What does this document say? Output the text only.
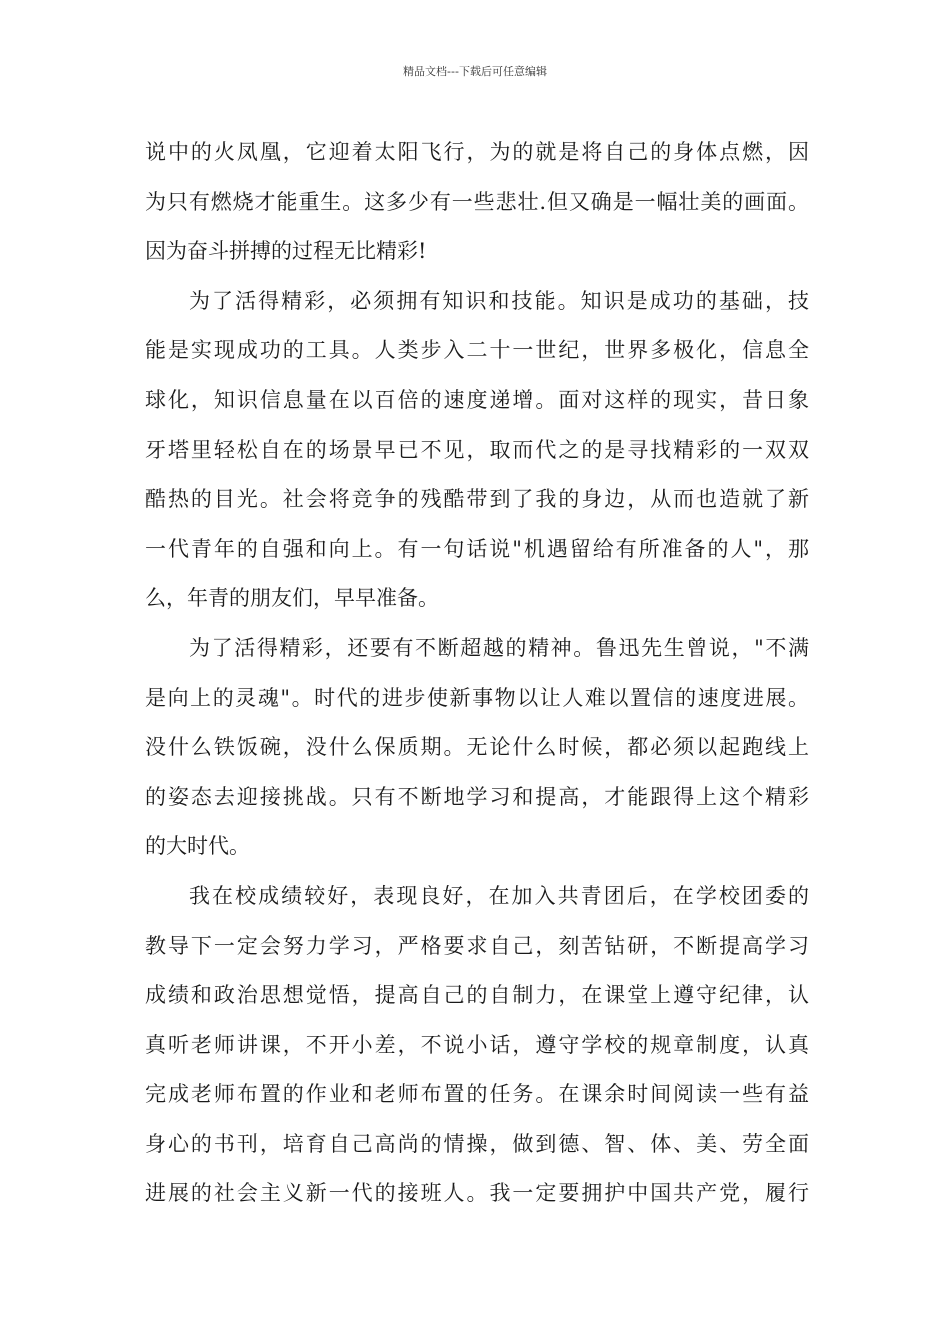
精品文档---下载后可任意编辑
说中的火凤凰，它迎着太阳飞行，为的就是将自己的身体点燃，因
为只有燃烧才能重生。这多少有一些悲壮.但又确是一幅壮美的画面。
因为奋斗拼搏的过程无比精彩!
为了活得精彩，必须拥有知识和技能。知识是成功的基础，技
能是实现成功的工具。人类步入二十一世纪，世界多极化，信息全
球化，知识信息量在以百倍的速度递增。面对这样的现实，昔日象
牙塔里轻松自在的场景早已不见，取而代之的是寻找精彩的一双双
酷热的目光。社会将竞争的残酷带到了我的身边，从而也造就了新
一代青年的自强和向上。有一句话说"机遇留给有所准备的人"，那
么，年青的朋友们，早早准备。
为了活得精彩，还要有不断超越的精神。鲁迅先生曾说，"不满
是向上的灵魂"。时代的进步使新事物以让人难以置信的速度进展。
没什么铁饭碗，没什么保质期。无论什么时候，都必须以起跑线上
的姿态去迎接挑战。只有不断地学习和提高，才能跟得上这个精彩
的大时代。
我在校成绩较好，表现良好，在加入共青团后，在学校团委的
教导下一定会努力学习，严格要求自己，刻苦钻研，不断提高学习
成绩和政治思想觉悟，提高自己的自制力，在课堂上遵守纪律，认
真听老师讲课，不开小差，不说小话，遵守学校的规章制度，认真
完成老师布置的作业和老师布置的任务。在课余时间阅读一些有益
身心的书刊，培育自己高尚的情操，做到德、智、体、美、劳全面
进展的社会主义新一代的接班人。我一定要拥护中国共产党，履行
